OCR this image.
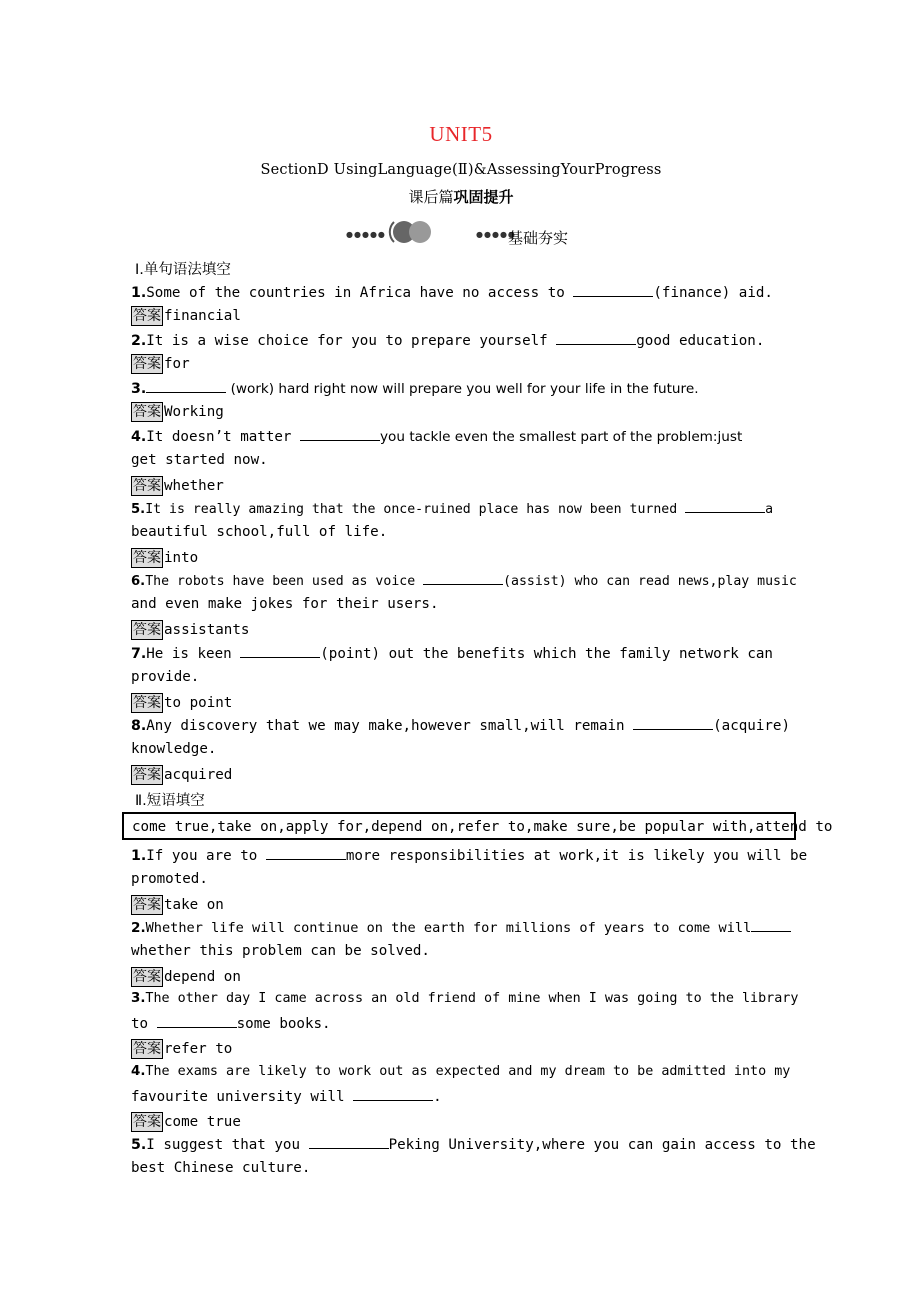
UNIT5
SectionD UsingLanguage(Ⅱ)&AssessingYourProgress
课后篇巩固提升
●●●●●	●●●●●
基础夯实
Ⅰ.单句语法填空
1.Some of the countries in Africa have no access to	(finance) aid.
答案 financial
2.It is a wise choice for you to prepare yourself	good education.
答案 for
3.	(work) hard right now will prepare you well for your life in the future.
答案 Working
4.It doesn’t matter	you tackle even the smallest part of the problem:just
get started now.
答案 whether
5.It is really amazing that the once-ruined place has now been turned	a
beautiful school,full of life.
答案 into
6.The robots have been used as voice	(assist) who can read news,play music
and even make jokes for their users.
答案 assistants
7.He is keen	(point) out the benefits which the family network can
provide.
答案 to point
8.Any discovery that we may make,however small,will remain	(acquire)
knowledge.
答案 acquired
Ⅱ.短语填空
come true,take on,apply for,depend on,refer to,make sure,be popular with,attend to
1.If you are to	more responsibilities at work,it is likely you will be
promoted.
答案 take on
2.Whether life will continue on the earth for millions of years to come will
whether this problem can be solved.
答案 depend on
3.The other day I came across an old friend of mine when I was going to the library
to	some books.
答案 refer to
4.The exams are likely to work out as expected and my dream to be admitted into my
favourite university will	.
答案 come true
5.I suggest that you	Peking University,where you can gain access to the
best Chinese culture.
